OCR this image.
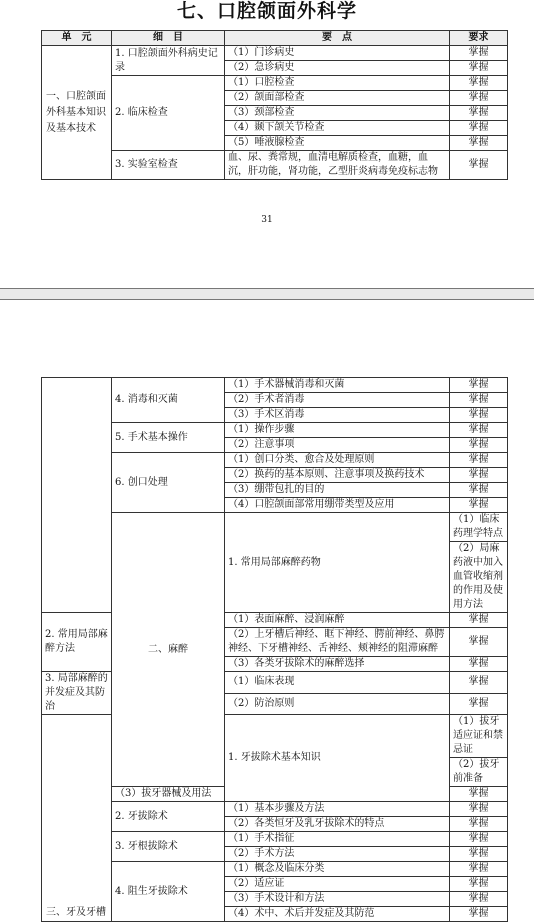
七、口腔颌面外科学
单　元	细　目	要　点	要求
一、口腔颌面外科基本知识及基本技术	1. 口腔颌面外科病史记录	（1）门诊病史	掌握
		（2）急诊病史	掌握
	2. 临床检查	（1）口腔检查	掌握
		（2）颌面部检查	掌握
		（3）颈部检查	掌握
		（4）颞下颌关节检查	掌握
		（5）唾液腺检查	掌握
	3. 实验室检查	血、尿、粪常规，血清电解质检查，血糖，血沉，肝功能，肾功能，乙型肝炎病毒免疫标志物	掌握
31
	4. 消毒和灭菌	（1）手术器械消毒和灭菌	掌握	
		（2）手术者消毒	掌握	
		（3）手术区消毒	掌握	
	5. 手术基本操作	（1）操作步骤	掌握	
		（2）注意事项	掌握	
	6. 创口处理	（1）创口分类、愈合及处理原则	掌握	
		（2）换药的基本原则、注意事项及换药技术	掌握	
		（3）绷带包扎的目的	掌握	
		（4）口腔颌面部常用绷带类型及应用	掌握	
	二、麻醉	1. 常用局部麻醉药物	（1）临床药理学特点	
			（2）局麻药液中加入血管收缩剂的作用及使用方法	
2. 常用局部麻醉方法		（1）表面麻醉、浸润麻醉	掌握	
		（2）上牙槽后神经、眶下神经、腭前神经、鼻腭神经、下牙槽神经、舌神经、颊神经的阻滞麻醉	掌握	
		（3）各类牙拔除术的麻醉选择	掌握	
3. 局部麻醉的并发症及其防治		（1）临床表现	掌握	
		（2）防治原则	掌握	
三、牙及牙槽		1. 牙拔除术基本知识	（1）拔牙适应证和禁忌证	
			（2）拔牙前准备	
	（3）拔牙器械及用法		掌握	
	2. 牙拔除术	（1）基本步骤及方法	掌握	
		（2）各类恒牙及乳牙拔除术的特点	掌握	
	3. 牙根拔除术	（1）手术指征	掌握	
		（2）手术方法	掌握	
	4. 阻生牙拔除术	（1）概念及临床分类	掌握	
		（2）适应证	掌握	
		（3）手术设计和方法	掌握	
		（4）术中、术后并发症及其防范	掌握	
